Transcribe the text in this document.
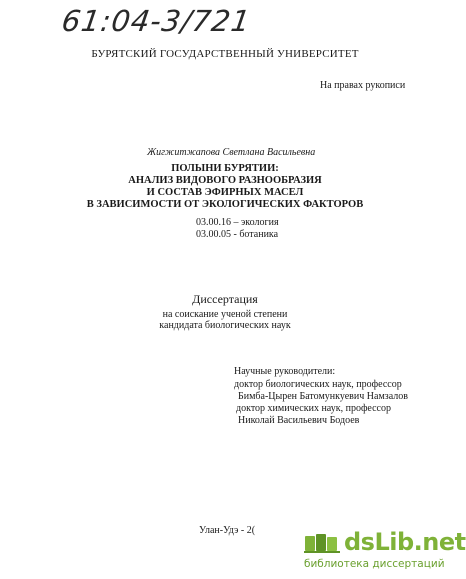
61:04-3/721
БУРЯТСКИЙ ГОСУДАРСТВЕННЫЙ УНИВЕРСИТЕТ
На правах рукописи
Жигжитжапова Светлана Васильевна
ПОЛЫНИ БУРЯТИИ:
АНАЛИЗ ВИДОВОГО РАЗНООБРАЗИЯ
И СОСТАВ ЭФИРНЫХ МАСЕЛ
В ЗАВИСИМОСТИ ОТ ЭКОЛОГИЧЕСКИХ ФАКТОРОВ
03.00.16 – экология
03.00.05 - ботаника
Диссертация
на соискание ученой степени
кандидата биологических наук
Научные руководители:
доктор биологических наук, профессор
Бимба-Цырен Батомункуевич Намзалов
доктор химических наук, профессор
Николай Васильевич Бодоев
Улан-Удэ - 2(	dsLib.net
библиотека диссертаций
